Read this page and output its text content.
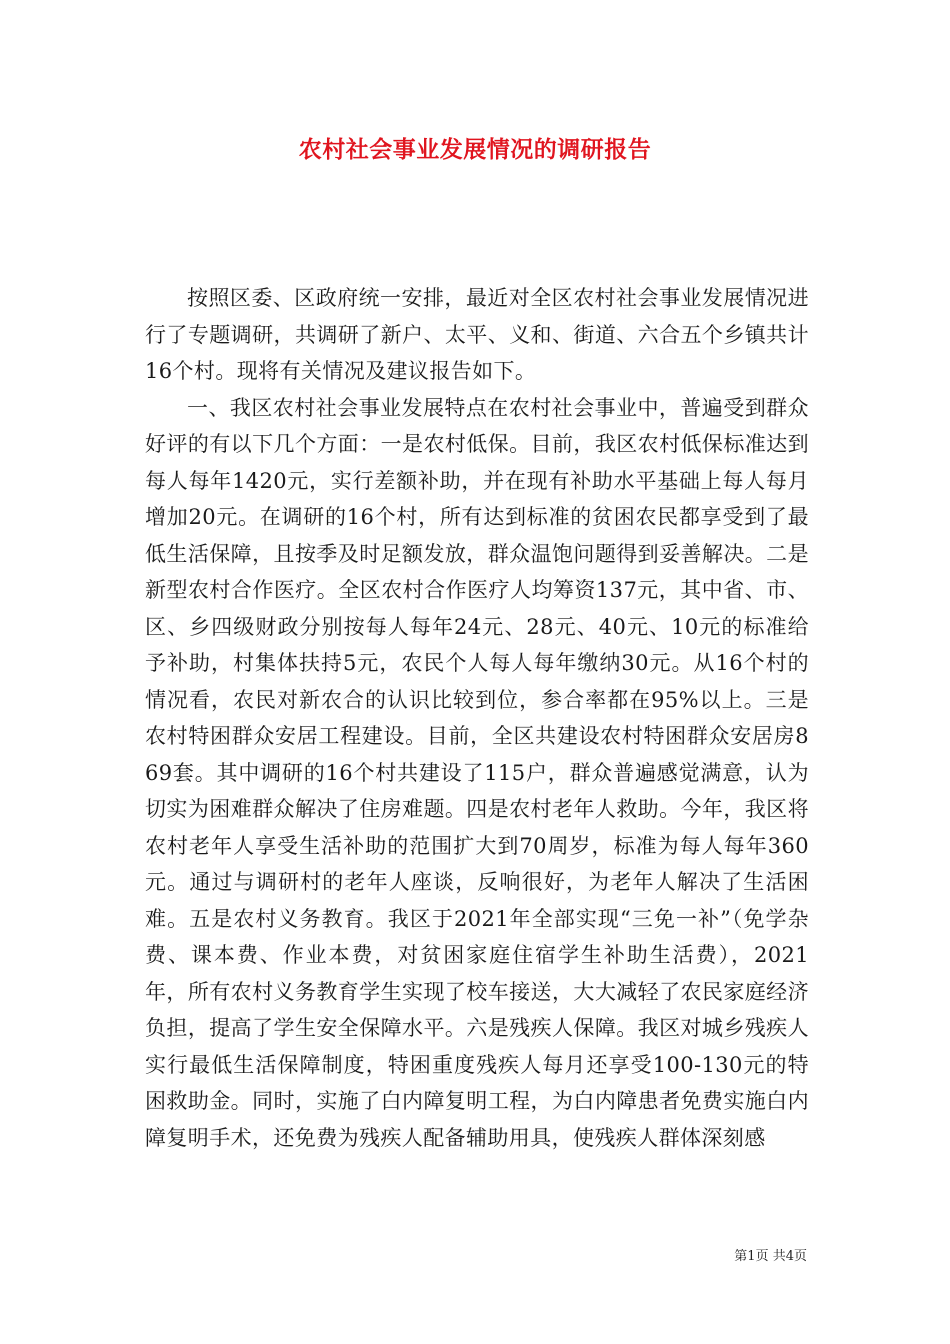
农村社会事业发展情况的调研报告

按照区委、区政府统一安排，最近对全区农村社会事业发展情况进行了专题调研，共调研了新户、太平、义和、街道、六合五个乡镇共计16个村。现将有关情况及建议报告如下。

一、我区农村社会事业发展特点在农村社会事业中，普遍受到群众好评的有以下几个方面：一是农村低保。目前，我区农村低保标准达到每人每年1420元，实行差额补助，并在现有补助水平基础上每人每月增加20元。在调研的16个村，所有达到标准的贫困农民都享受到了最低生活保障，且按季及时足额发放，群众温饱问题得到妥善解决。二是新型农村合作医疗。全区农村合作医疗人均筹资137元，其中省、市、区、乡四级财政分别按每人每年24元、28元、40元、10元的标准给予补助，村集体扶持5元，农民个人每人每年缴纳30元。从16个村的情况看，农民对新农合的认识比较到位，参合率都在95%以上。三是农村特困群众安居工程建设。目前，全区共建设农村特困群众安居房869套。其中调研的16个村共建设了115户，群众普遍感觉满意，认为切实为困难群众解决了住房难题。四是农村老年人救助。今年，我区将农村老年人享受生活补助的范围扩大到70周岁，标准为每人每年360元。通过与调研村的老年人座谈，反响很好，为老年人解决了生活困难。五是农村义务教育。我区于2021年全部实现“三免一补”（免学杂费、课本费、作业本费，对贫困家庭住宿学生补助生活费），2021年，所有农村义务教育学生实现了校车接送，大大减轻了农民家庭经济负担，提高了学生安全保障水平。六是残疾人保障。我区对城乡残疾人实行最低生活保障制度，特困重度残疾人每月还享受100-130元的特困救助金。同时，实施了白内障复明工程，为白内障患者免费实施白内障复明手术，还免费为残疾人配备辅助用具，使残疾人群体深刻感

第1页 共4页
